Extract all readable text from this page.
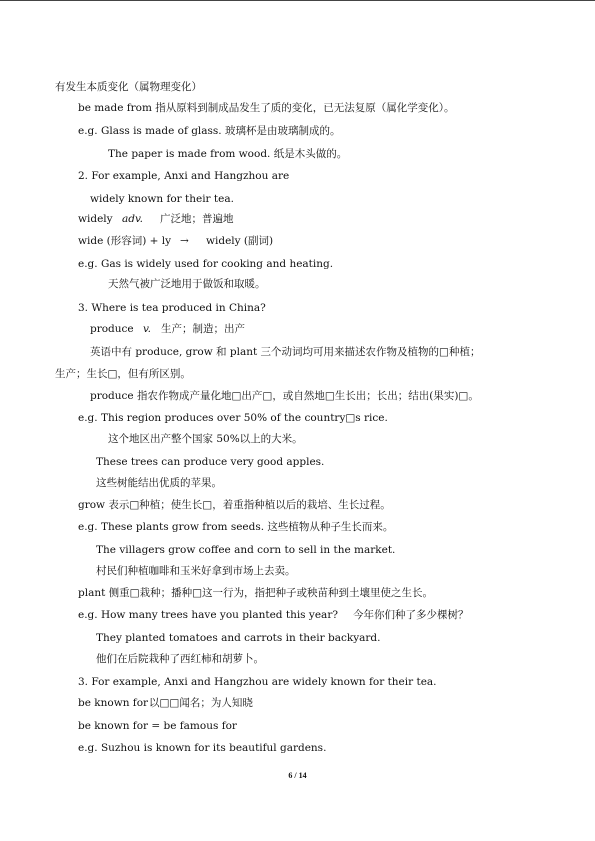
有发生本质变化（属物理变化）
be made from 指从原料到制成品发生了质的变化，已无法复原（属化学变化）。
e.g. Glass is made of glass. 玻璃杯是由玻璃制成的。
The paper is made from wood. 纸是木头做的。
2. For example, Anxi and Hangzhou are
widely known for their tea.
widely adv. 广泛地；普遍地
wide (形容词) + ly → widely (副词)
e.g. Gas is widely used for cooking and heating.
天然气被广泛地用于做饭和取暖。
3. Where is tea produced in China?
produce v. 生产；制造；出产
英语中有 produce, grow 和 plant 三个动词均可用来描述农作物及植物的□种植；
生产；生长□，但有所区别。
produce 指农作物成产量化地□出产□，或自然地□生长出；长出；结出(果实)□。
e.g. This region produces over 50% of the country□s rice.
这个地区出产整个国家 50%以上的大米。
These trees can produce very good apples.
这些树能结出优质的苹果。
grow 表示□种植；使生长□，着重指种植以后的栽培、生长过程。
e.g. These plants grow from seeds. 这些植物从种子生长而来。
The villagers grow coffee and corn to sell in the market.
村民们种植咖啡和玉米好拿到市场上去卖。
plant 侧重□栽种；播种□这一行为，指把种子或秧苗种到土壤里使之生长。
e.g. How many trees have you planted this year? 今年你们种了多少棵树？
They planted tomatoes and carrots in their backyard.
他们在后院栽种了西红柿和胡萝卜。
3. For example, Anxi and Hangzhou are widely known for their tea.
be known for 以□□闻名；为人知晓
be known for = be famous for
e.g. Suzhou is known for its beautiful gardens.
6 / 14
